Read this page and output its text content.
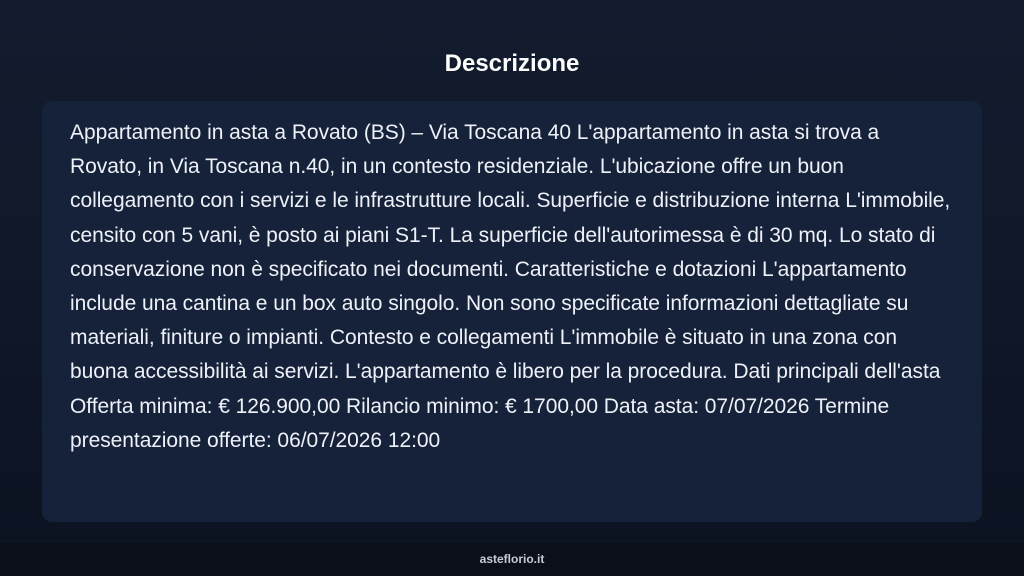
Descrizione

Appartamento in asta a Rovato (BS) – Via Toscana 40 L'appartamento in asta si trova a Rovato, in Via Toscana n.40, in un contesto residenziale. L'ubicazione offre un buon collegamento con i servizi e le infrastrutture locali. Superficie e distribuzione interna L'immobile, censito con 5 vani, è posto ai piani S1-T. La superficie dell'autorimessa è di 30 mq. Lo stato di conservazione non è specificato nei documenti. Caratteristiche e dotazioni L'appartamento include una cantina e un box auto singolo. Non sono specificate informazioni dettagliate su materiali, finiture o impianti. Contesto e collegamenti L'immobile è situato in una zona con buona accessibilità ai servizi. L'appartamento è libero per la procedura. Dati principali dell'asta Offerta minima: € 126.900,00 Rilancio minimo: € 1700,00 Data asta: 07/07/2026 Termine presentazione offerte: 06/07/2026 12:00

asteflorio.it
